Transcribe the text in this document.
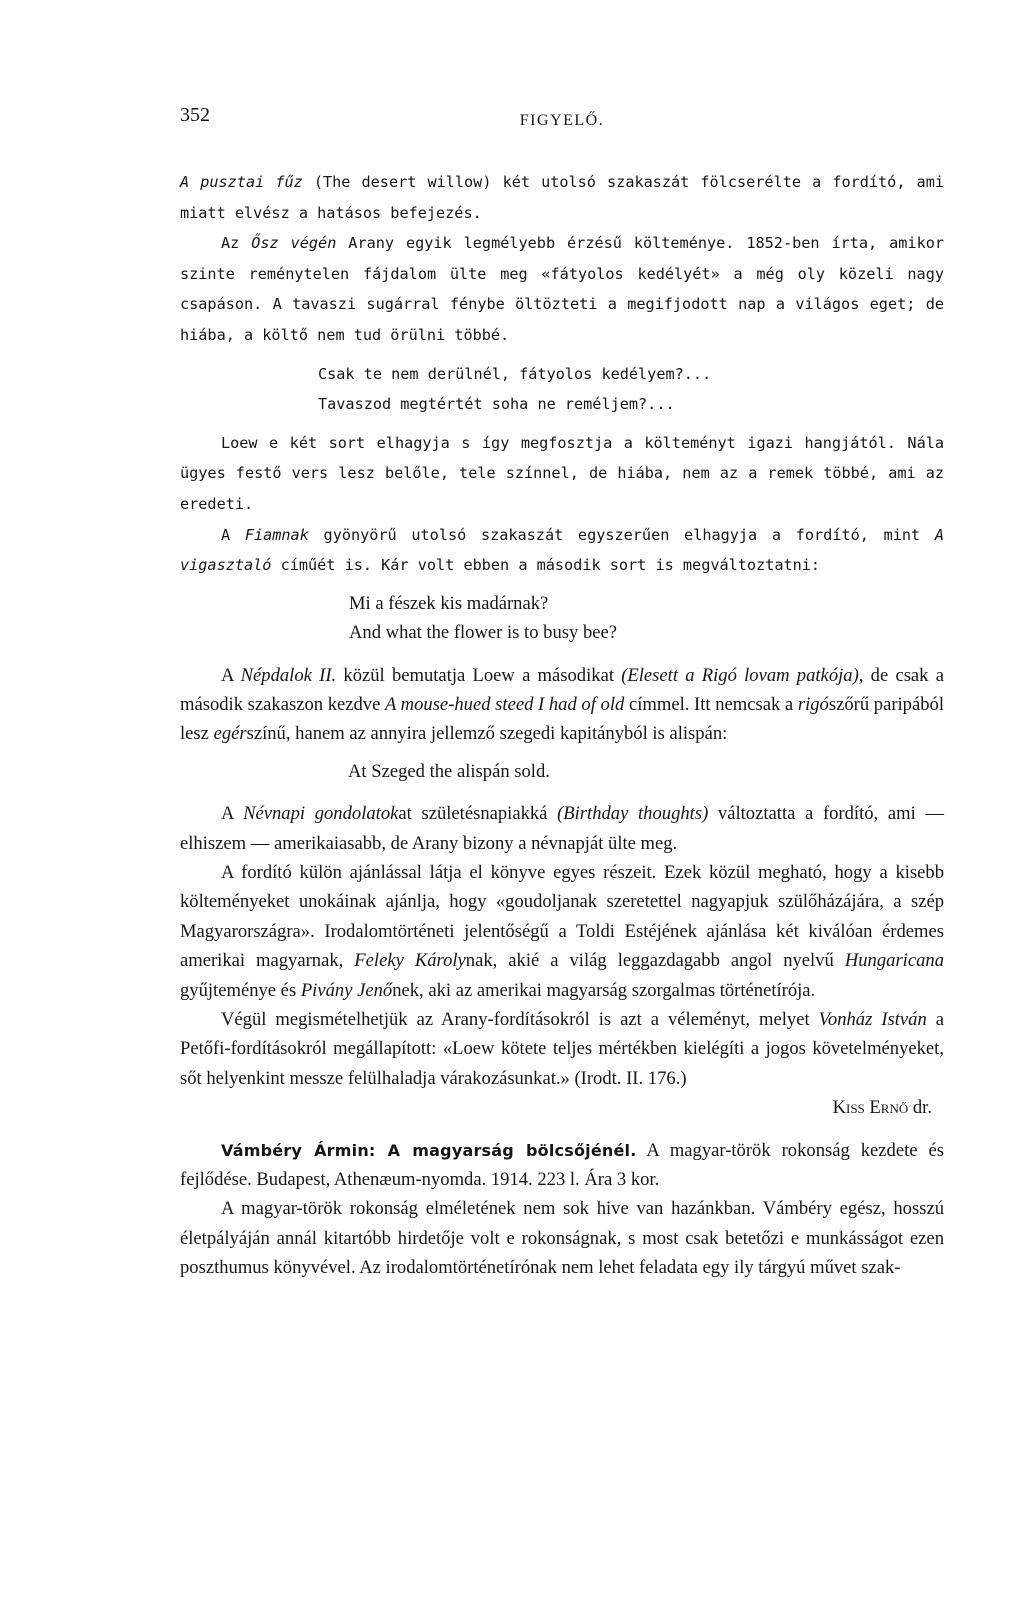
352	FIGYELŐ.

A pusztai fűz (The desert willow) két utolsó szakaszát fölcserélte a fordító, ami miatt elvész a hatásos befejezés.

Az Ősz végén Arany egyik legmélyebb érzésű költeménye. 1852-ben írta, amikor szinte reménytelen fájdalom ülte meg «fátyolos kedélyét» a még oly közeli nagy csapáson. A tavaszi sugárral fénybe öltözteti a megifjodott nap a világos eget; de hiába, a költő nem tud örülni többé.

Csak te nem derülnél, fátyolos kedélyem?...
Tavaszod megtértét soha ne reméljem?...

Loew e két sort elhagyja s így megfosztja a költeményt igazi hangjától. Nála ügyes festő vers lesz belőle, tele színnel, de hiába, nem az a remek többé, ami az eredeti.

A Fiamnak gyönyörű utolsó szakaszát egyszerűen elhagyja a fordító, mint A vigasztaló címűét is. Kár volt ebben a második sort is megváltoztatni:

Mi a fészek kis madárnak?
And what the flower is to busy bee?

A Népdalok II. közül bemutatja Loew a másodikat (Elesett a Rigó lovam patkója), de csak a második szakaszon kezdve A mouse-hued steed I had of old címmel. Itt nemcsak a rigószőrű paripából lesz egérszínű, hanem az annyira jellemző szegedi kapitányból is alispán:

At Szeged the alispán sold.

A Névnapi gondolatokat születésnapiakká (Birthday thoughts) változtatta a fordító, ami — elhiszem — amerikaiasabb, de Arany bizony a névnapját ülte meg.

A fordító külön ajánlással látja el könyve egyes részeit. Ezek közül megható, hogy a kisebb költeményeket unokáinak ajánlja, hogy «goudoljanak szeretettel nagyapjuk szülőházájára, a szép Magyarországra». Irodalomtörténeti jelentőségű a Toldi Estéjének ajánlása két kiválóan érdemes amerikai magyarnak, Feleky Károlynak, akié a világ leggazdagabb angol nyelvű Hungaricana gyűjteménye és Pivány Jenőnek, aki az amerikai magyarság szorgalmas történetírója.

Végül megismételhetjük az Arany-fordításokról is azt a véleményt, melyet Vonház István a Petőfi-fordításokról megállapított: «Loew kötete teljes mértékben kielégíti a jogos követelményeket, sőt helyenkint messze felülhaladja várakozásunkat.» (Irodt. II. 176.)

Kiss Ernő dr.

Vámbéry Ármin: A magyarság bölcsőjénél. A magyar-török rokonság kezdete és fejlődése. Budapest, Athenæum-nyomda. 1914. 223 l. Ára 3 kor.

A magyar-török rokonság elméletének nem sok hive van hazánkban. Vámbéry egész, hosszú életpályáján annál kitartóbb hirdetője volt e rokonságnak, s most csak betetőzi e munkásságot ezen poszthumus könyvével. Az irodalomtörténetírónak nem lehet feladata egy ily tárgyú művet szak-
